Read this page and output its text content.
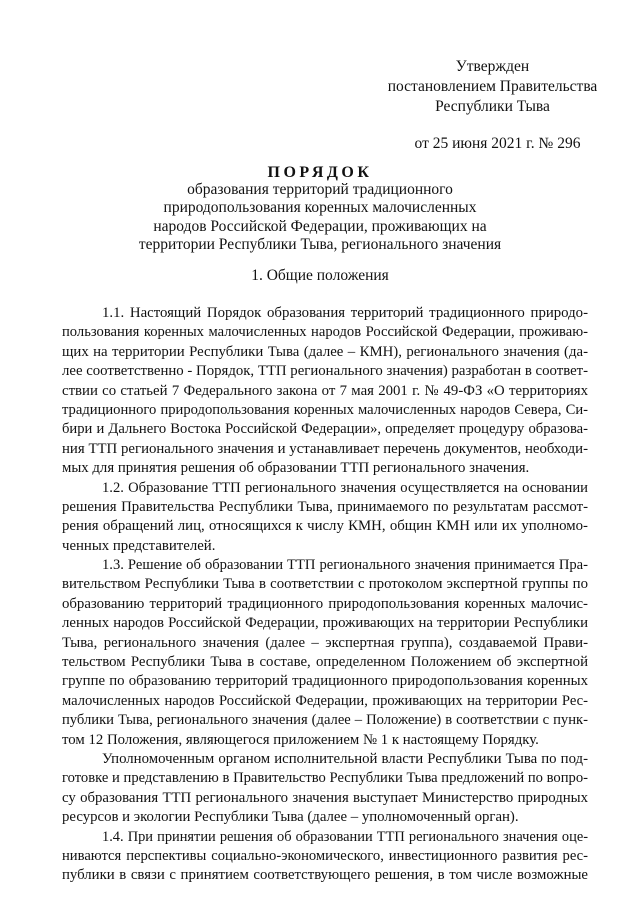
Утвержден
постановлением Правительства
Республики Тыва
от 25 июня 2021 г. № 296
ПОРЯДОК
образования территорий традиционного
природопользования коренных малочисленных
народов Российской Федерации, проживающих на
территории Республики Тыва, регионального значения
1. Общие положения
1.1. Настоящий Порядок образования территорий традиционного природо-
пользования коренных малочисленных народов Российской Федерации, проживаю-
щих на территории Республики Тыва (далее – КМН), регионального значения (да-
лее соответственно - Порядок, ТТП регионального значения) разработан в соответ-
ствии со статьей 7 Федерального закона от 7 мая 2001 г. № 49-ФЗ «О территориях
традиционного природопользования коренных малочисленных народов Севера, Си-
бири и Дальнего Востока Российской Федерации», определяет процедуру образова-
ния ТТП регионального значения и устанавливает перечень документов, необходи-
мых для принятия решения об образовании ТТП регионального значения.
1.2. Образование ТТП регионального значения осуществляется на основании
решения Правительства Республики Тыва, принимаемого по результатам рассмот-
рения обращений лиц, относящихся к числу КМН, общин КМН или их уполномо-
ченных представителей.
1.3. Решение об образовании ТТП регионального значения принимается Пра-
вительством Республики Тыва в соответствии с протоколом экспертной группы по
образованию территорий традиционного природопользования коренных малочис-
ленных народов Российской Федерации, проживающих на территории Республики
Тыва, регионального значения (далее – экспертная группа), создаваемой Прави-
тельством Республики Тыва в составе, определенном Положением об экспертной
группе по образованию территорий традиционного природопользования коренных
малочисленных народов Российской Федерации, проживающих на территории Рес-
публики Тыва, регионального значения (далее – Положение) в соответствии с пунк-
том 12 Положения, являющегося приложением № 1 к настоящему Порядку.
Уполномоченным органом исполнительной власти Республики Тыва по под-
готовке и представлению в Правительство Республики Тыва предложений по вопро-
су образования ТТП регионального значения выступает Министерство природных
ресурсов и экологии Республики Тыва (далее – уполномоченный орган).
1.4. При принятии решения об образовании ТТП регионального значения оце-
ниваются перспективы социально-экономического, инвестиционного развития рес-
публики в связи с принятием соответствующего решения, в том числе возможные
